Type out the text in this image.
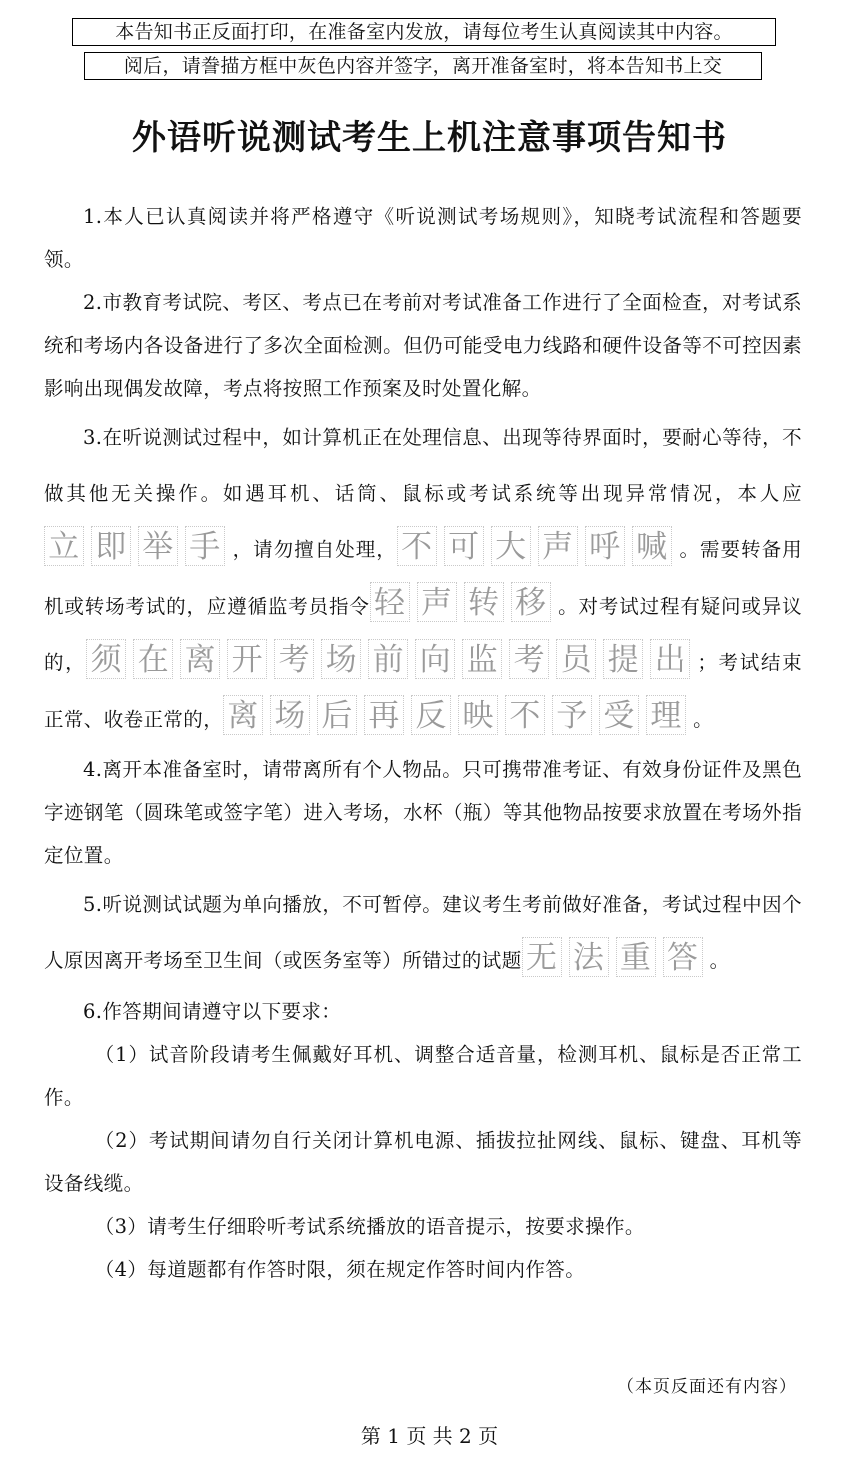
本告知书正反面打印，在准备室内发放，请每位考生认真阅读其中内容。
阅后，请誊描方框中灰色内容并签字，离开准备室时，将本告知书上交
外语听说测试考生上机注意事项告知书

1.本人已认真阅读并将严格遵守《听说测试考场规则》，知晓考试流程和答题要领。

2.市教育考试院、考区、考点已在考前对考试准备工作进行了全面检查，对考试系统和考场内各设备进行了多次全面检测。但仍可能受电力线路和硬件设备等不可控因素影响出现偶发故障，考点将按照工作预案及时处置化解。

3.在听说测试过程中，如计算机正在处理信息、出现等待界面时，要耐心等待，不做其他无关操作。如遇耳机、话筒、鼠标或考试系统等出现异常情况，本人应立 即 举 手 ，请勿擅自处理， 不 可 大 声 呼 喊 。需要转备用机或转场考试的，应遵循监考员指令 轻 声 转 移 。对考试过程有疑问或异议的， 须 在 离 开 考 场 前 向 监 考 员 提 出 ；考试结束正常、收卷正常的， 离 场 后 再 反 映 不 予 受 理 。

4.离开本准备室时，请带离所有个人物品。只可携带准考证、有效身份证件及黑色字迹钢笔（圆珠笔或签字笔）进入考场，水杯（瓶）等其他物品按要求放置在考场外指定位置。

5.听说测试试题为单向播放，不可暂停。建议考生考前做好准备，考试过程中因个人原因离开考场至卫生间（或医务室等）所错过的试题 无 法 重 答 。

6.作答期间请遵守以下要求：

（1）试音阶段请考生佩戴好耳机、调整合适音量，检测耳机、鼠标是否正常工作。

（2）考试期间请勿自行关闭计算机电源、插拔拉扯网线、鼠标、键盘、耳机等设备线缆。

（3）请考生仔细聆听考试系统播放的语音提示，按要求操作。

（4）每道题都有作答时限，须在规定作答时间内作答。

（本页反面还有内容）
第 1 页 共 2 页
